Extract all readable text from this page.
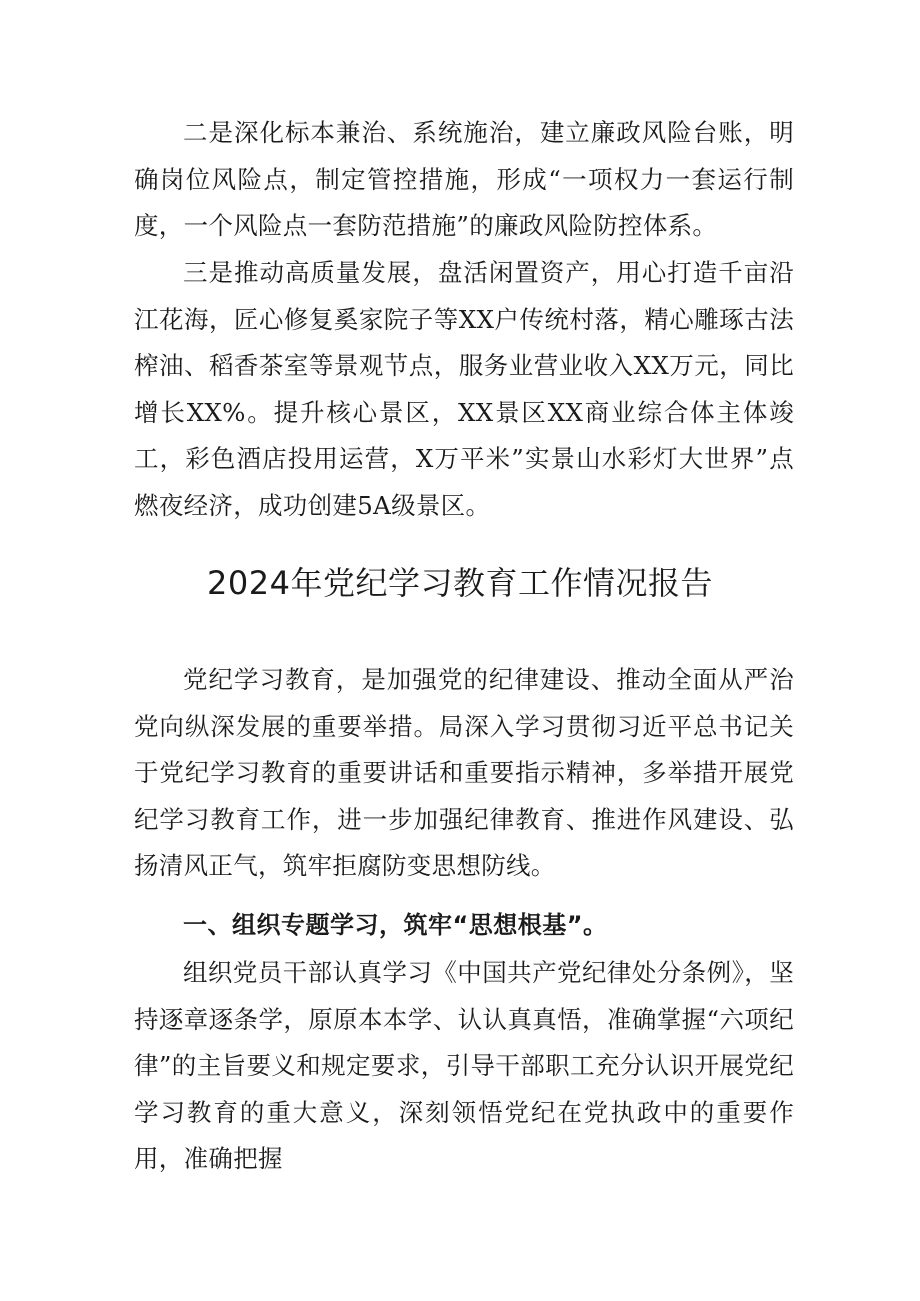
二是深化标本兼治、系统施治，建立廉政风险台账，明确岗位风险点，制定管控措施，形成“一项权力一套运行制度，一个风险点一套防范措施”的廉政风险防控体系。

三是推动高质量发展，盘活闲置资产，用心打造千亩沿江花海，匠心修复奚家院子等XX户传统村落，精心雕琢古法榨油、稻香茶室等景观节点，服务业营业收入XX万元，同比增长XX%。提升核心景区，XX景区XX商业综合体主体竣工，彩色酒店投用运营，X万平米”实景山水彩灯大世界”点燃夜经济，成功创建5A级景区。

2024年党纪学习教育工作情况报告

党纪学习教育，是加强党的纪律建设、推动全面从严治党向纵深发展的重要举措。局深入学习贯彻习近平总书记关于党纪学习教育的重要讲话和重要指示精神，多举措开展党纪学习教育工作，进一步加强纪律教育、推进作风建设、弘扬清风正气，筑牢拒腐防变思想防线。

一、组织专题学习，筑牢“思想根基”。

组织党员干部认真学习《中国共产党纪律处分条例》，坚持逐章逐条学，原原本本学、认认真真悟，准确掌握“六项纪律”的主旨要义和规定要求，引导干部职工充分认识开展党纪学习教育的重大意义，深刻领悟党纪在党执政中的重要作用，准确把握
